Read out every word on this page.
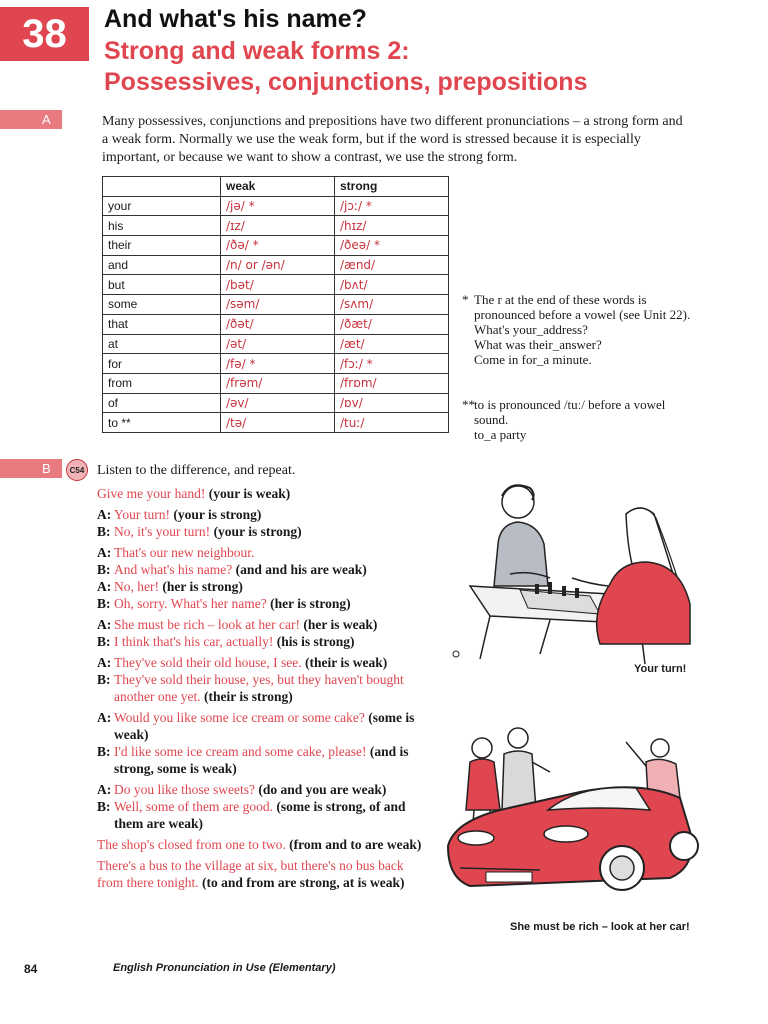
38	And what's his name?
Strong and weak forms 2:
Possessives, conjunctions, prepositions
A	Many possessives, conjunctions and prepositions have two different pronunciations – a strong form and a weak form. Normally we use the weak form, but if the word is stressed because it is especially important, or because we want to show a contrast, we use the strong form.
	weak	strong
your	/jə/ *	/jɔː/ *
his	/ɪz/	/hɪz/
their	/ðə/ *	/ðeə/ *
and	/n/ or /ən/	/ænd/
but	/bət/	/bʌt/
some	/səm/	/sʌm/
that	/ðət/	/ðæt/
at	/ət/	/æt/
for	/fə/ *	/fɔː/ *
from	/frəm/	/frɒm/
of	/əv/	/ɒv/
to **	/tə/	/tuː/
* The r at the end of these words is pronounced before a vowel (see Unit 22).
What's your_address?
What was their_answer?
Come in for_a minute.
** to is pronounced /tuː/ before a vowel sound.
to_a party
B	C54 Listen to the difference, and repeat.
Give me your hand! (your is weak)
A: Your turn! (your is strong)
B: No, it's your turn! (your is strong)
A: That's our new neighbour.
B: And what's his name? (and and his are weak)
A: No, her! (her is strong)
B: Oh, sorry. What's her name? (her is strong)
A: She must be rich – look at her car! (her is weak)
B: I think that's his car, actually! (his is strong)
A: They've sold their old house, I see. (their is weak)
B: They've sold their house, yes, but they haven't bought another one yet. (their is strong)
A: Would you like some ice cream or some cake? (some is weak)
B: I'd like some ice cream and some cake, please! (and is strong, some is weak)
A: Do you like those sweets? (do and you are weak)
B: Well, some of them are good. (some is strong, of and them are weak)
The shop's closed from one to two. (from and to are weak)
There's a bus to the village at six, but there's no bus back from there tonight. (to and from are strong, at is weak)
Your turn!
She must be rich – look at her car!
84	English Pronunciation in Use (Elementary)
